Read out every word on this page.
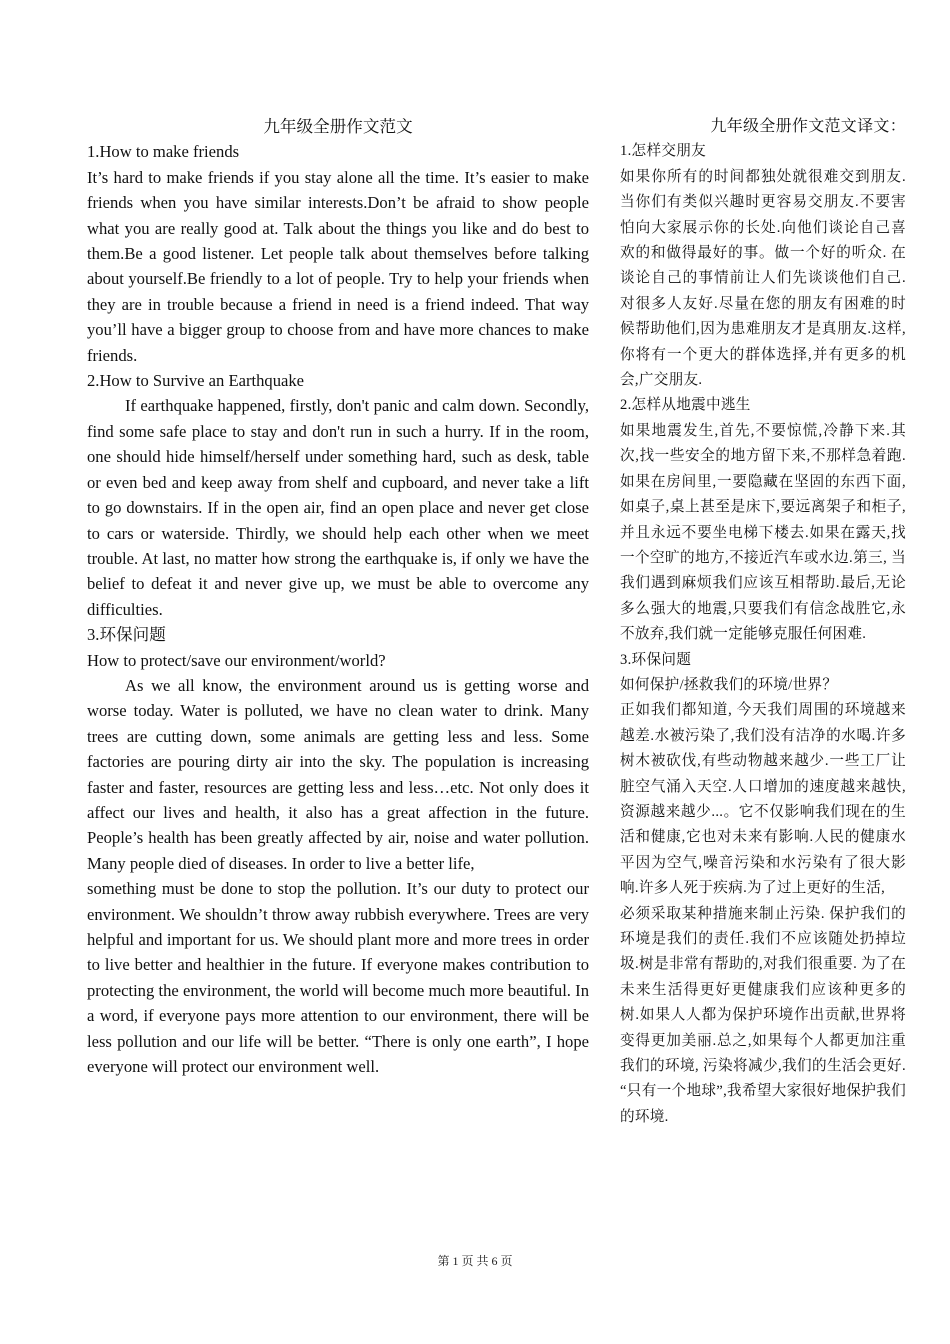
九年级全册作文范文

1.How to make friends

It’s hard to make friends if you stay alone all the time. It’s easier to make friends when you have similar interests.Don’t be afraid to show people what you are really good at. Talk about the things you like and do best to them.Be a good listener. Let people talk about themselves before talking about yourself.Be friendly to a lot of people. Try to help your friends when they are in trouble because a friend in need is a friend indeed. That way you’ll have a bigger group to choose from and have more chances to make friends.

2.How to Survive an Earthquake

If earthquake happened, firstly, don't panic and calm down. Secondly, find some safe place to stay and don't run in such a hurry. If in the room, one should hide himself/herself under something hard, such as desk, table or even bed and keep away from shelf and cupboard, and never take a lift to go downstairs. If in the open air, find an open place and never get close to cars or waterside. Thirdly, we should help each other when we meet trouble. At last, no matter how strong the earthquake is, if only we have the belief to defeat it and never give up, we must be able to overcome any difficulties.

3.环保问题

How to protect/save our environment/world?

As we all know, the environment around us is getting worse and worse today. Water is polluted, we have no clean water to drink. Many trees are cutting down, some animals are getting less and less. Some factories are pouring dirty air into the sky. The population is increasing faster and faster, resources are getting less and less…etc. Not only does it affect our lives and health, it also has a great affection in the future. People’s health has been greatly affected by air, noise and water pollution. Many people died of diseases. In order to live a better life,

something must be done to stop the pollution. It’s our duty to protect our environment. We shouldn’t throw away rubbish everywhere. Trees are very helpful and important for us. We should plant more and more trees in order to live better and healthier in the future. If everyone makes contribution to protecting the environment, the world will become much more beautiful. In a word, if everyone pays more attention to our environment, there will be less pollution and our life will be better. “There is only one earth”, I hope everyone will protect our environment well.

九年级全册作文范文译文：

1.怎样交朋友

如果你所有的时间都独处就很难交到朋友.当你们有类似兴趣时更容易交朋友.不要害怕向大家展示你的长处.向他们谈论自己喜欢的和做得最好的事。做一个好的听众. 在谈论自己的事情前让人们先谈谈他们自己.对很多人友好.尽量在您的朋友有困难的时候帮助他们,因为患难朋友才是真朋友.这样,你将有一个更大的群体选择,并有更多的机会,广交朋友.

2.怎样从地震中逃生

如果地震发生,首先,不要惊慌,冷静下来.其次,找一些安全的地方留下来,不那样急着跑.如果在房间里,一要隐藏在坚固的东西下面,如桌子,桌上甚至是床下,要远离架子和柜子,并且永远不要坐电梯下楼去.如果在露天,找一个空旷的地方,不接近汽车或水边.第三, 当我们遇到麻烦我们应该互相帮助.最后,无论多么强大的地震,只要我们有信念战胜它,永不放弃,我们就一定能够克服任何困难.

3.环保问题

如何保护/拯救我们的环境/世界？

正如我们都知道, 今天我们周围的环境越来越差.水被污染了,我们没有洁净的水喝.许多树木被砍伐,有些动物越来越少.一些工厂让脏空气涌入天空.人口增加的速度越来越快,资源越来越少...。它不仅影响我们现在的生活和健康,它也对未来有影响.人民的健康水平因为空气,噪音污染和水污染有了很大影响.许多人死于疾病.为了过上更好的生活,

必须采取某种措施来制止污染. 保护我们的环境是我们的责任.我们不应该随处扔掉垃圾.树是非常有帮助的,对我们很重要. 为了在未来生活得更好更健康我们应该种更多的树.如果人人都为保护环境作出贡献,世界将变得更加美丽.总之,如果每个人都更加注重我们的环境, 污染将减少,我们的生活会更好. “只有一个地球”,我希望大家很好地保护我们的环境.

第 1 页 共 6 页
